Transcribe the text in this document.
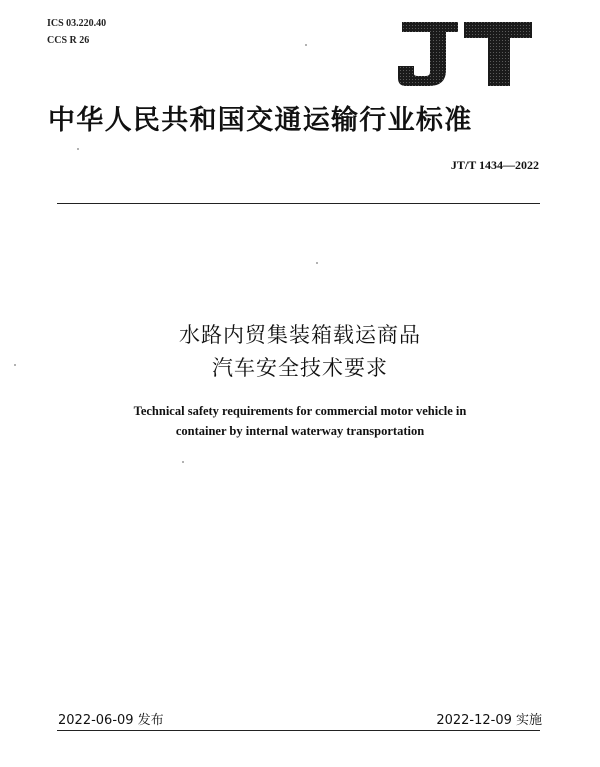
ICS 03.220.40
CCS R 26
JT
中华人民共和国交通运输行业标准
JT/T 1434—2022
水路内贸集装箱载运商品
汽车安全技术要求
Technical safety requirements for commercial motor vehicle in
container by internal waterway transportation
2022-06-09 发布	2022-12-09 实施
